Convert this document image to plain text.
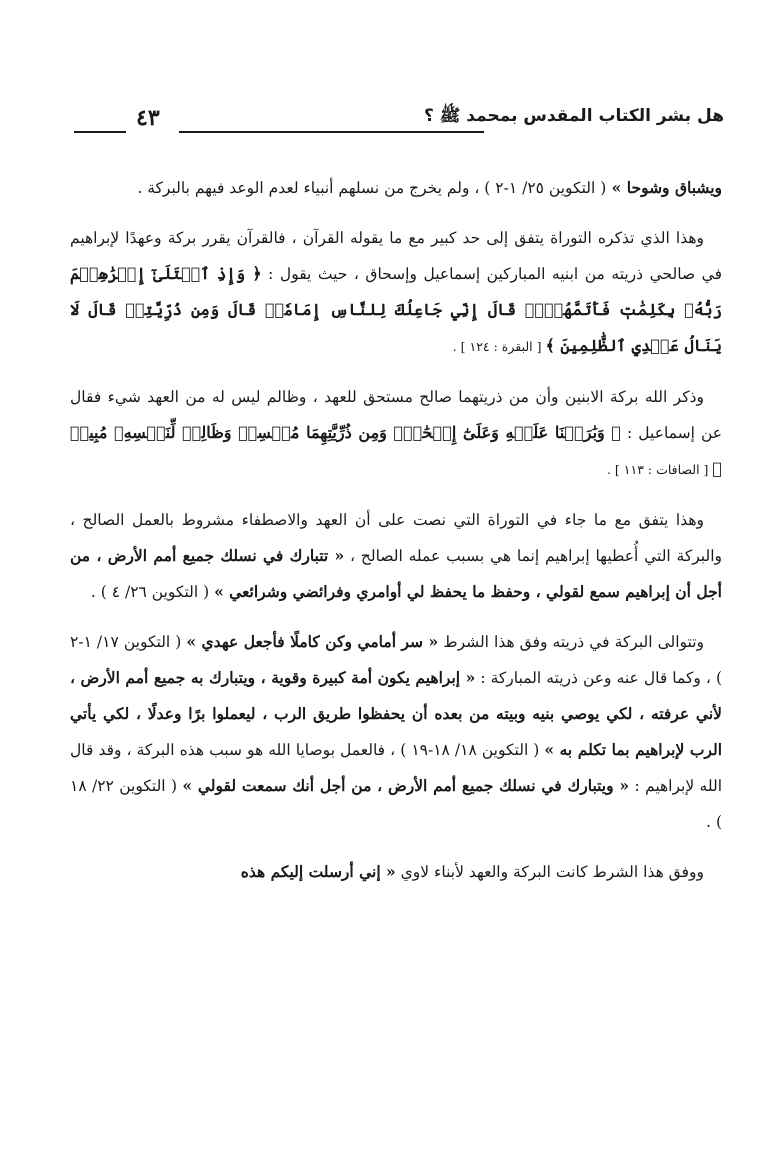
٤٣	هل بشر الكتاب المقدس بمحمد ﷺ ؟

ويشباق وشوحا » ( التكوين ٢٥/ ١-٢ ) ، ولم يخرج من نسلهم أنبياء لعدم الوعد فيهم بالبركة .

وهذا الذي تذكره التوراة يتفق إلى حد كبير مع ما يقوله القرآن ، فالقرآن يقرر بركة وعهدًا لإبراهيم في صالحي ذريته من ابنيه المباركين إسماعيل وإسحاق ، حيث يقول : ﴿ وَإِذِ ٱبۡتَلَىٰٓ إِبۡرَٰهِـۧمَ رَبُّهُۥ بِكَلِمَٰتٖ فَأَتَمَّهُنَّۖ قَالَ إِنِّي جَاعِلُكَ لِلنَّاسِ إِمَامٗاۖ قَالَ وَمِن ذُرِّيَّتِيۖ قَالَ لَا يَنَالُ عَهۡدِي ٱلظَّٰلِمِينَ ﴾ [ البقرة : ١٢٤ ] .

وذكر الله بركة الابنين وأن من ذريتهما صالح مستحق للعهد ، وظالم ليس له من العهد شيء فقال عن إسماعيل : ﴿ وَبَٰرَكۡنَا عَلَيۡهِ وَعَلَىٰٓ إِسۡحَٰقَۚ وَمِن ذُرِّيَّتِهِمَا مُحۡسِنٞ وَظَالِمٞ لِّنَفۡسِهِۦ مُبِينٞ ﴾ [ الصافات : ١١٣ ] .

وهذا يتفق مع ما جاء في التوراة التي نصت على أن العهد والاصطفاء مشروط بالعمل الصالح ، والبركة التي أُعطيها إبراهيم إنما هي بسبب عمله الصالح ، « تتبارك في نسلك جميع أمم الأرض ، من أجل أن إبراهيم سمع لقولي ، وحفظ ما يحفظ لي أوامري وفرائضي وشرائعي » ( التكوين ٢٦/ ٤ ) .

وتتوالى البركة في ذريته وفق هذا الشرط « سر أمامي وكن كاملًا فأجعل عهدي » ( التكوين ١٧/ ١-٢ ) ، وكما قال عنه وعن ذريته المباركة : « إبراهيم يكون أمة كبيرة وقوية ، ويتبارك به جميع أمم الأرض ، لأني عرفته ، لكي يوصي بنيه وبيته من بعده أن يحفظوا طريق الرب ، ليعملوا برًا وعدلًا ، لكي يأتي الرب لإبراهيم بما تكلم به » ( التكوين ١٨/ ١٨-١٩ ) ، فالعمل بوصايا الله هو سبب هذه البركة ، وقد قال الله لإبراهيم : « ويتبارك في نسلك جميع أمم الأرض ، من أجل أنك سمعت لقولي » ( التكوين ٢٢/ ١٨ ) .

ووفق هذا الشرط كانت البركة والعهد لأبناء لاوي « إني أرسلت إليكم هذه
